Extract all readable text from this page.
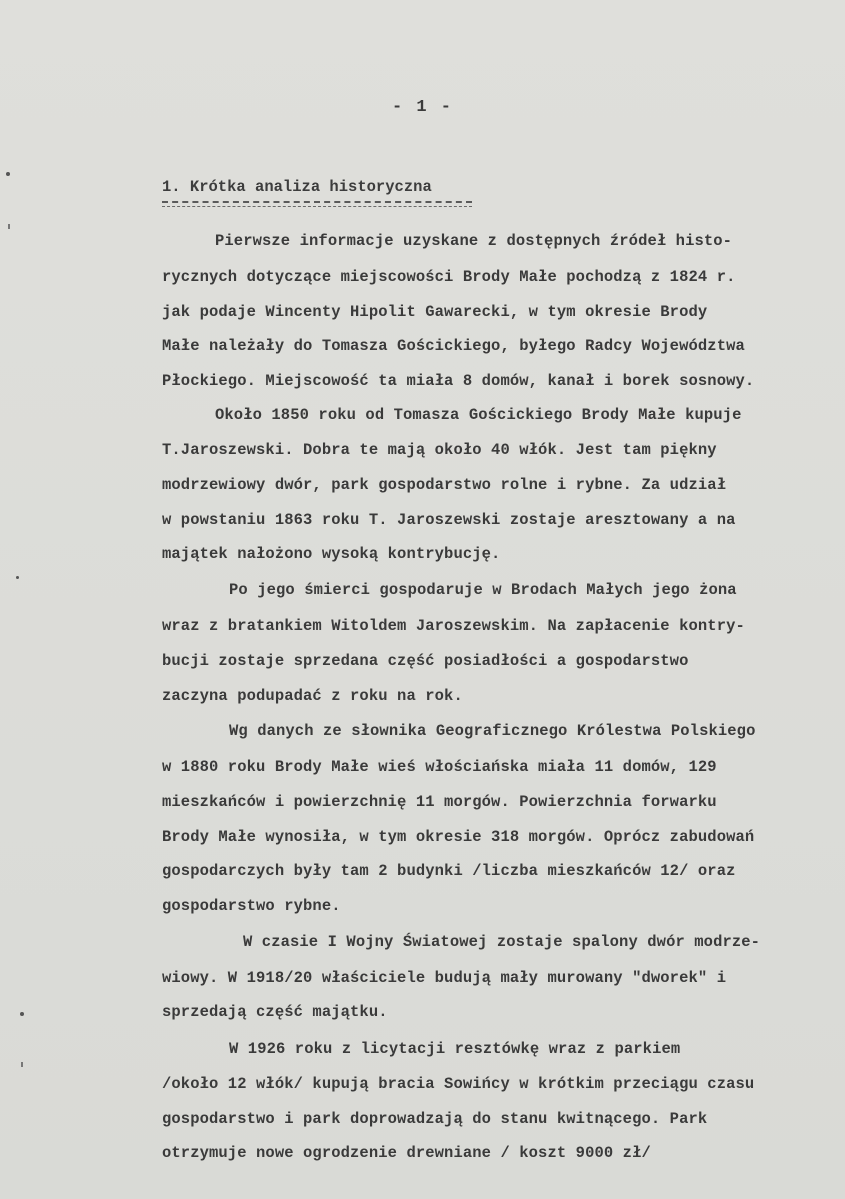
- 1 -
1. Krótka analiza historyczna
Pierwsze informacje uzyskane z dostępnych źródeł histo-
rycznych dotyczące miejscowości Brody Małe pochodzą z 1824 r.
jak podaje Wincenty Hipolit Gawarecki, w tym okresie Brody
Małe należały do Tomasza Gościckiego, byłego Radcy Województwa
Płockiego. Miejscowość ta miała 8 domów, kanał i borek sosnowy.
Około 1850 roku od Tomasza Gościckiego Brody Małe kupuje
T.Jaroszewski. Dobra te mają około 40 włók. Jest tam piękny
modrzewiowy dwór, park gospodarstwo rolne i rybne. Za udział
w powstaniu 1863 roku T. Jaroszewski zostaje aresztowany a na
majątek nałożono wysoką kontrybucję.
Po jego śmierci gospodaruje w Brodach Małych jego żona
wraz z bratankiem Witoldem Jaroszewskim. Na zapłacenie kontry-
bucji zostaje sprzedana część posiadłości a gospodarstwo
zaczyna podupadać z roku na rok.
Wg danych ze słownika Geograficznego Królestwa Polskiego
w 1880 roku Brody Małe wieś włościańska miała 11 domów, 129
mieszkańców i powierzchnię 11 morgów. Powierzchnia forwarku
Brody Małe wynosiła, w tym okresie 318 morgów. Oprócz zabudowań
gospodarczych były tam 2 budynki /liczba mieszkańców 12/ oraz
gospodarstwo rybne.
W czasie I Wojny Światowej zostaje spalony dwór modrze-
wiowy. W 1918/20 właściciele budują mały murowany "dworek" i
sprzedają część majątku.
W 1926 roku z licytacji resztówkę wraz z parkiem
/około 12 włók/ kupują bracia Sowińcy w krótkim przeciągu czasu
gospodarstwo i park doprowadzają do stanu kwitnącego. Park
otrzymuje nowe ogrodzenie drewniane / koszt 9000 zł/
